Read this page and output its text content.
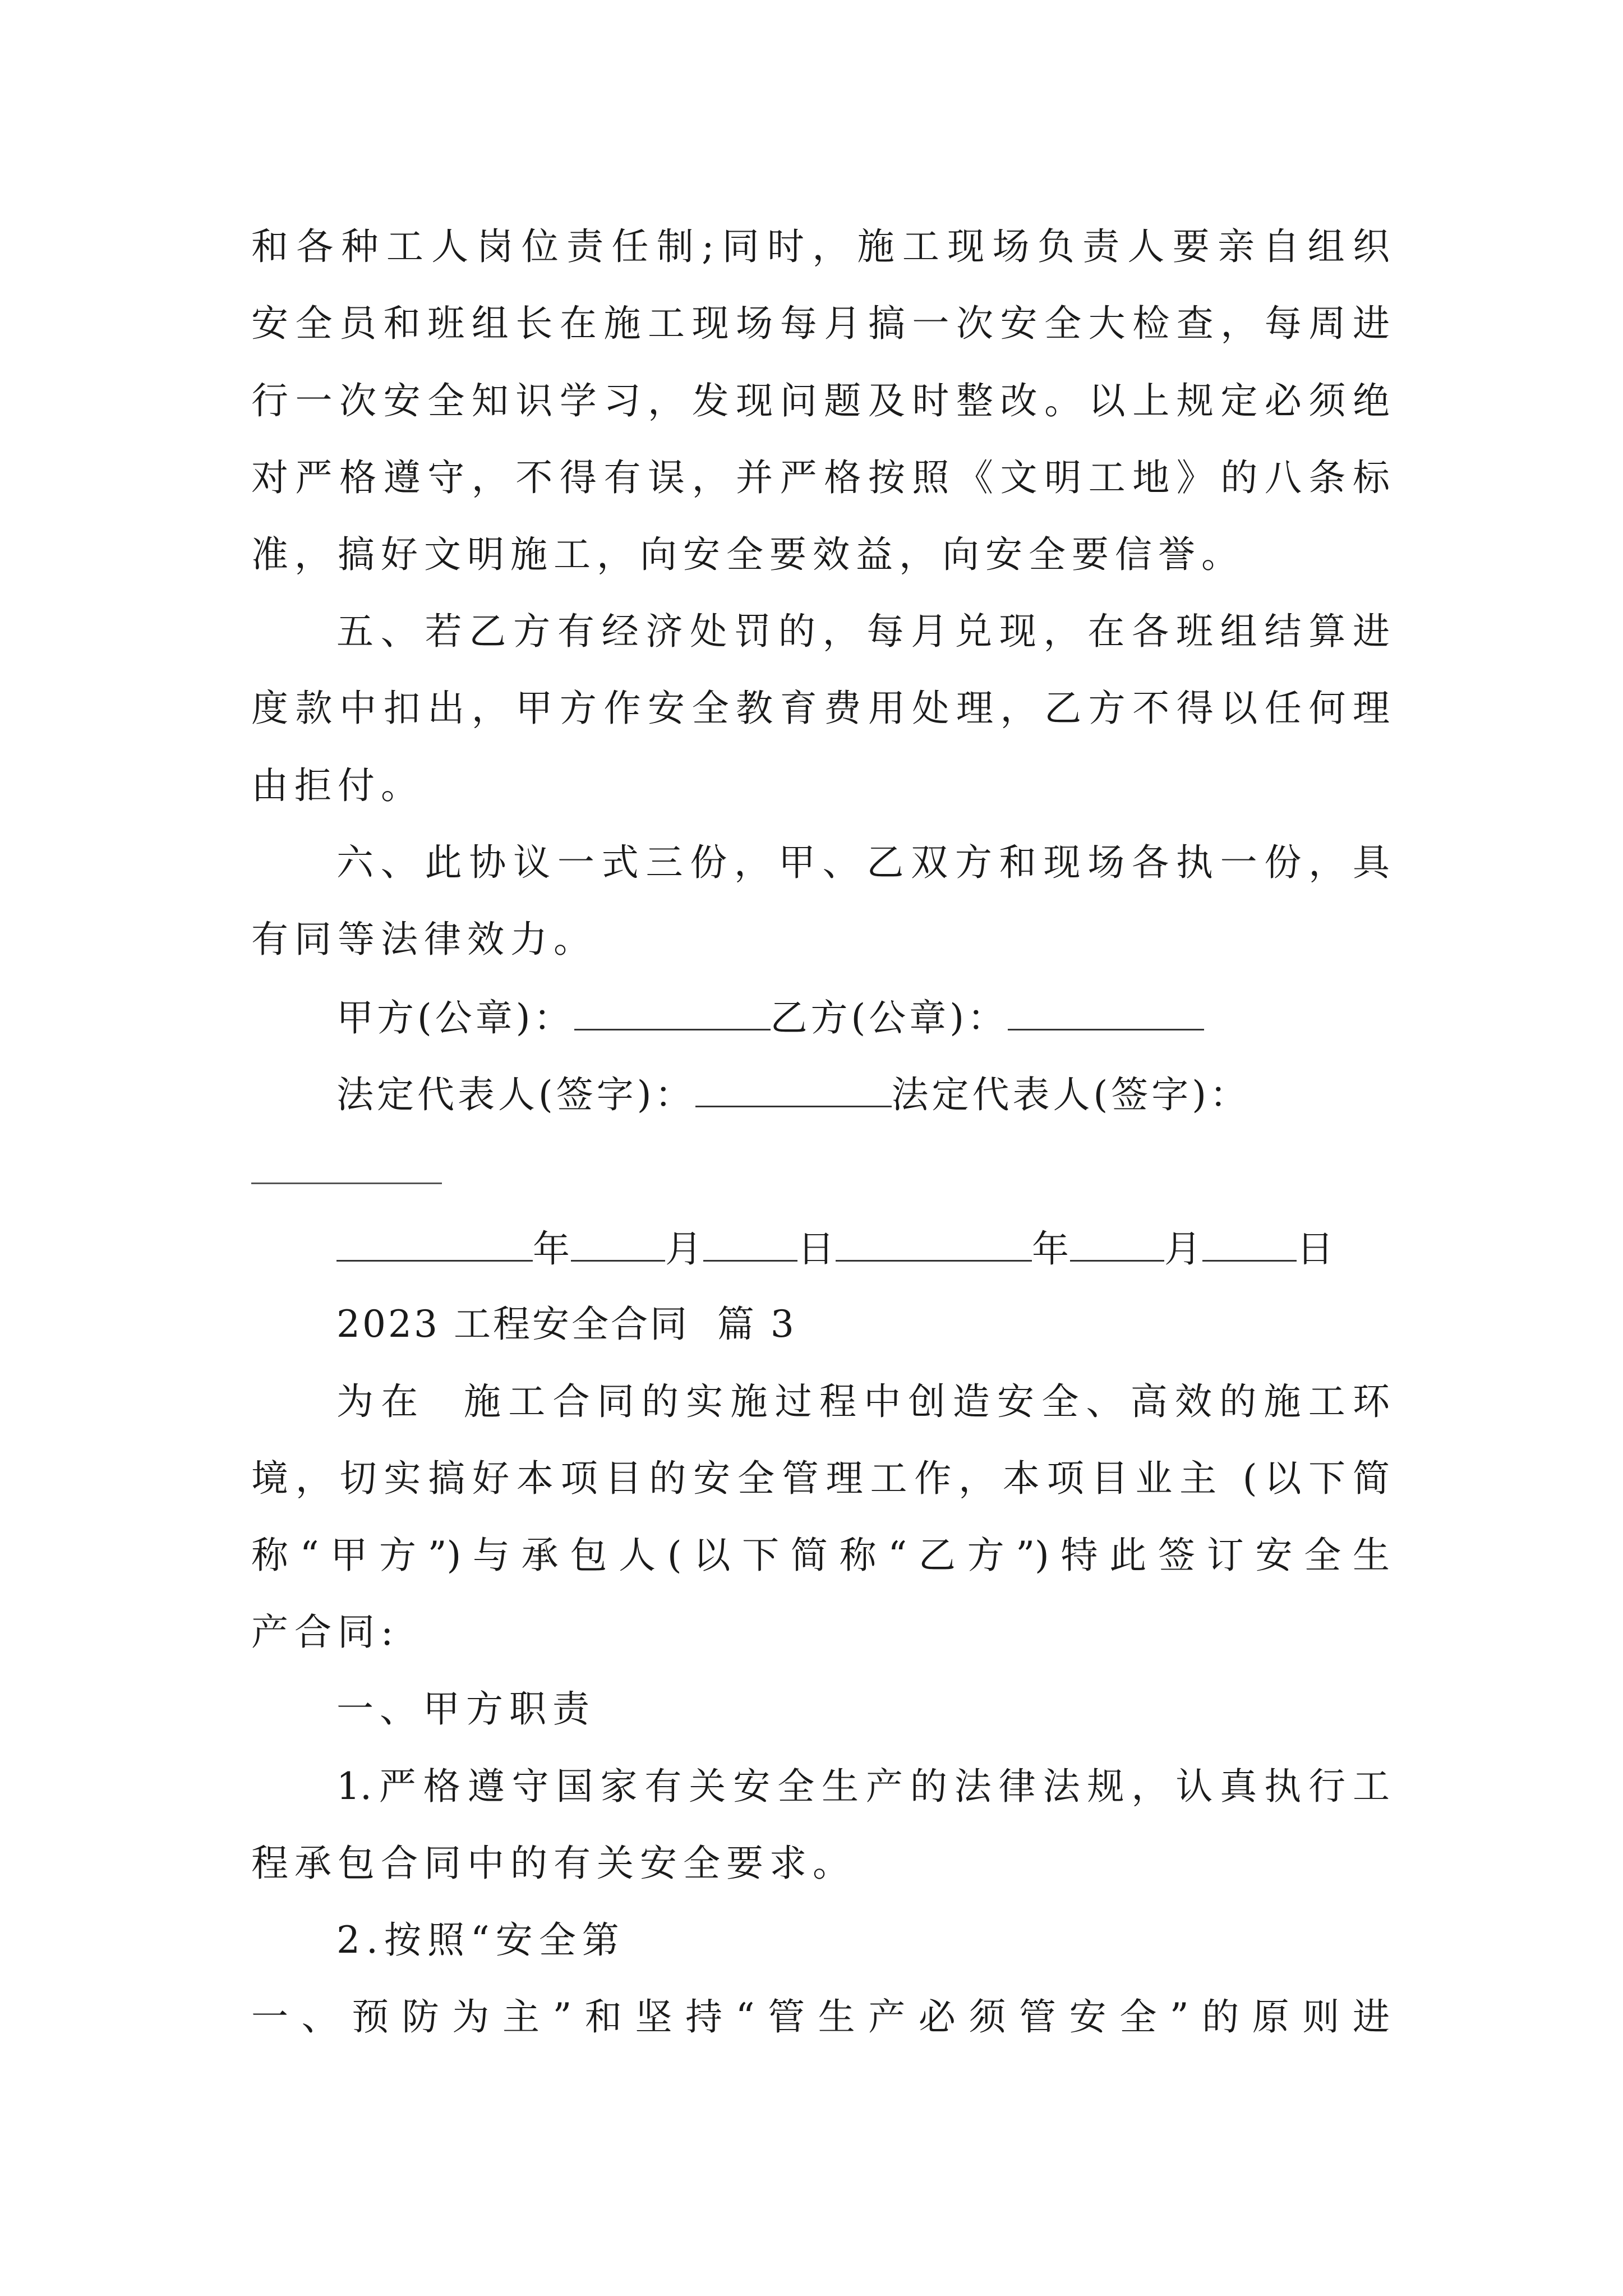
和各种工人岗位责任制;同时，施工现场负责人要亲自组织
安全员和班组长在施工现场每月搞一次安全大检查，每周进
行一次安全知识学习，发现问题及时整改。以上规定必须绝
对严格遵守，不得有误，并严格按照《文明工地》的八条标
准，搞好文明施工，向安全要效益，向安全要信誉。
五、若乙方有经济处罚的，每月兑现，在各班组结算进
度款中扣出，甲方作安全教育费用处理，乙方不得以任何理
由拒付。
六、此协议一式三份，甲、乙双方和现场各执一份，具
有同等法律效力。
甲方(公章)：	乙方(公章)：
法定代表人(签字)：	法定代表人(签字)：
年	月	日	年	月	日
2023 工程安全合同  篇 3
为在  施工合同的实施过程中创造安全、高效的施工环
境，切实搞好本项目的安全管理工作，本项目业主 (以下简
称“甲方”)与承包人(以下简称“乙方”)特此签订安全生
产合同:
一、甲方职责
1.严格遵守国家有关安全生产的法律法规，认真执行工
程承包合同中的有关安全要求。
2.按照“安全第
一、预防为主”和坚持“管生产必须管安全”的原则进
